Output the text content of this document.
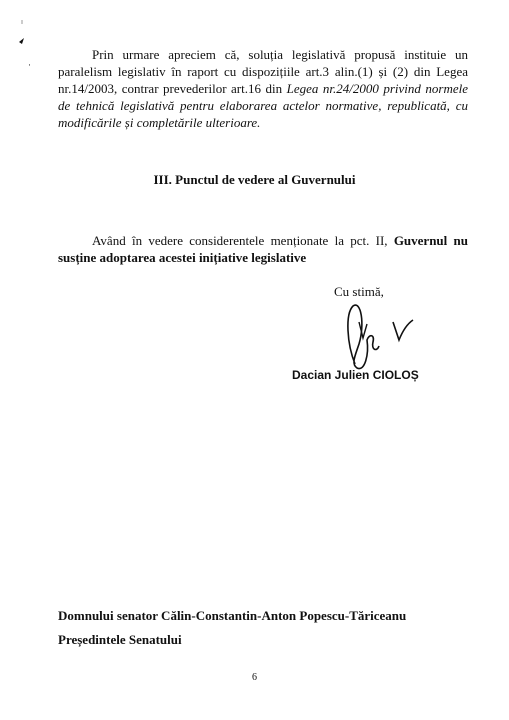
·
Prin urmare apreciem că, soluția legislativă propusă instituie un paralelism legislativ în raport cu dispozițiile art.3 alin.(1) și (2) din Legea nr.14/2003, contrar prevederilor art.16 din Legea nr.24/2000 privind normele de tehnică legislativă pentru elaborarea actelor normative, republicată, cu modificările și completările ulterioare.
III. Punctul de vedere al Guvernului
Având în vedere considerentele menționate la pct. II, Guvernul nu susține adoptarea acestei inițiative legislative
Cu stimă,
Dacian Julien CIOLOȘ
Domnului senator Călin-Constantin-Anton Popescu-Tăriceanu
Președintele Senatului
6
